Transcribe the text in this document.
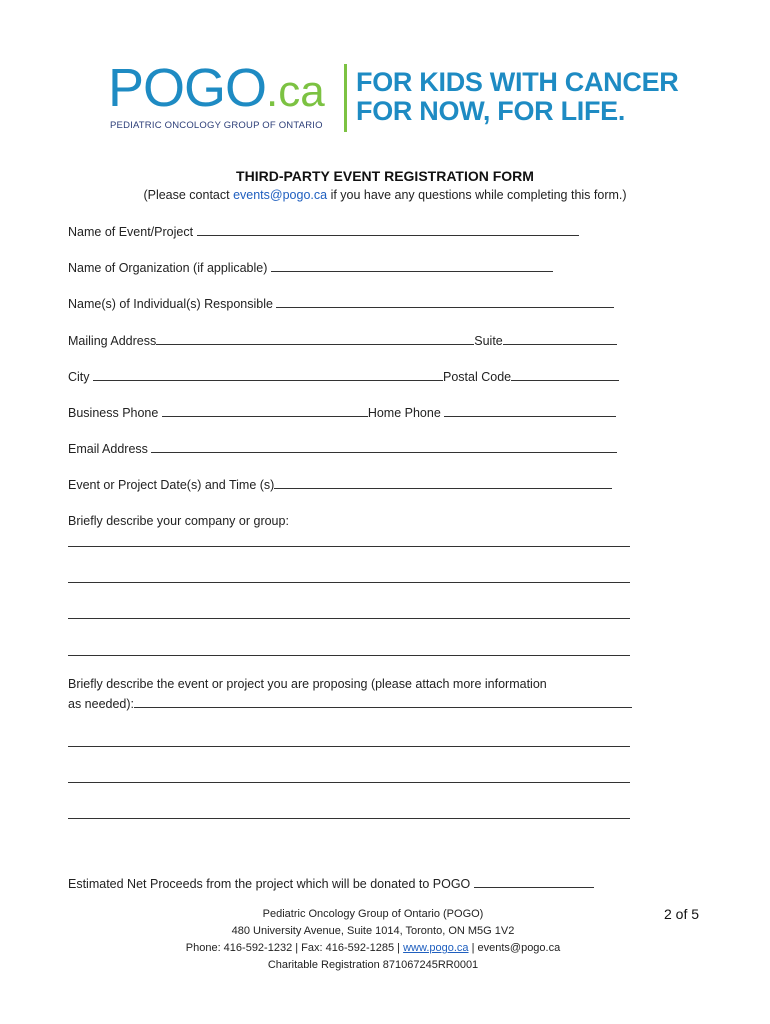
POGO.ca
PEDIATRIC ONCOLOGY GROUP OF ONTARIO
FOR KIDS WITH CANCER
FOR NOW, FOR LIFE.
THIRD-PARTY EVENT REGISTRATION FORM
(Please contact events@pogo.ca if you have any questions while completing this form.)
Name of Event/Project
Name of Organization (if applicable)
Name(s) of Individual(s) Responsible
Mailing Address	Suite
City	Postal Code
Business Phone	Home Phone
Email Address
Event or Project Date(s) and Time (s)
Briefly describe your company or group:
Briefly describe the event or project you are proposing (please attach more information
as needed):
Estimated Net Proceeds from the project which will be donated to POGO
Pediatric Oncology Group of Ontario (POGO)
480 University Avenue, Suite 1014, Toronto, ON M5G 1V2
Phone: 416-592-1232 | Fax: 416-592-1285 | www.pogo.ca | events@pogo.ca
Charitable Registration 871067245RR0001
2 of 5
